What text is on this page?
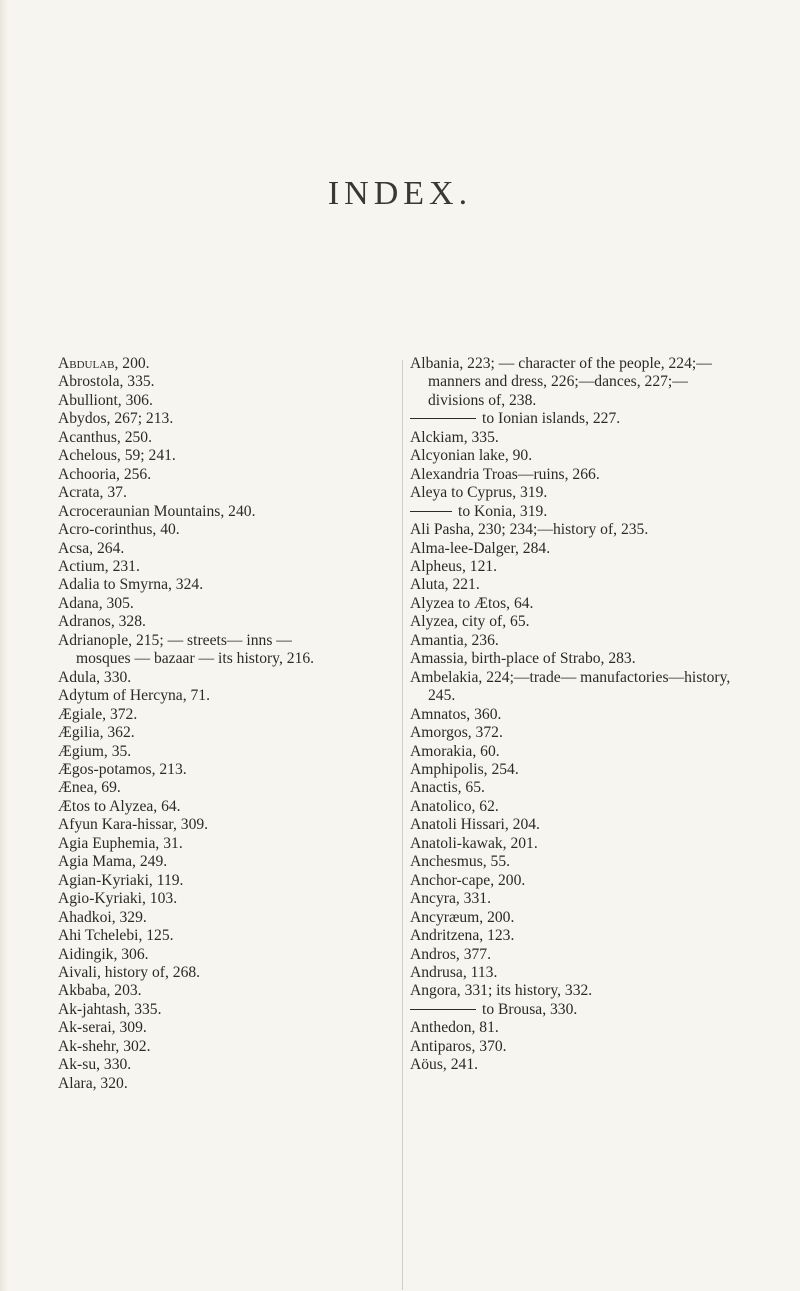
INDEX.

Abdulab, 200.

Abrostola, 335.

Abulliont, 306.

Abydos, 267; 213.

Acanthus, 250.

Achelous, 59; 241.

Achooria, 256.

Acrata, 37.

Acroceraunian Mountains, 240.

Acro-corinthus, 40.

Acsa, 264.

Actium, 231.

Adalia to Smyrna, 324.

Adana, 305.

Adranos, 328.

Adrianople, 215; — streets— inns — mosques — bazaar — its history, 216.

Adula, 330.

Adytum of Hercyna, 71.

Ægiale, 372.

Ægilia, 362.

Ægium, 35.

Ægos-potamos, 213.

Ænea, 69.

Ætos to Alyzea, 64.

Afyun Kara-hissar, 309.

Agia Euphemia, 31.

Agia Mama, 249.

Agian-Kyriaki, 119.

Agio-Kyriaki, 103.

Ahadkoi, 329.

Ahi Tchelebi, 125.

Aidingik, 306.

Aivali, history of, 268.

Akbaba, 203.

Ak-jahtash, 335.

Ak-serai, 309.

Ak-shehr, 302.

Ak-su, 330.

Alara, 320.

Albania, 223; — character of the people, 224;—manners and dress, 226;—dances, 227;—divisions of, 238.

to Ionian islands, 227.

Alckiam, 335.

Alcyonian lake, 90.

Alexandria Troas—ruins, 266.

Aleya to Cyprus, 319.

to Konia, 319.

Ali Pasha, 230; 234;—history of, 235.

Alma-lee-Dalger, 284.

Alpheus, 121.

Aluta, 221.

Alyzea to Ætos, 64.

Alyzea, city of, 65.

Amantia, 236.

Amassia, birth-place of Strabo, 283.

Ambelakia, 224;—trade— manufactories—history, 245.

Amnatos, 360.

Amorgos, 372.

Amorakia, 60.

Amphipolis, 254.

Anactis, 65.

Anatolico, 62.

Anatoli Hissari, 204.

Anatoli-kawak, 201.

Anchesmus, 55.

Anchor-cape, 200.

Ancyra, 331.

Ancyræum, 200.

Andritzena, 123.

Andros, 377.

Andrusa, 113.

Angora, 331; its history, 332.

to Brousa, 330.

Anthedon, 81.

Antiparos, 370.

Aöus, 241.
